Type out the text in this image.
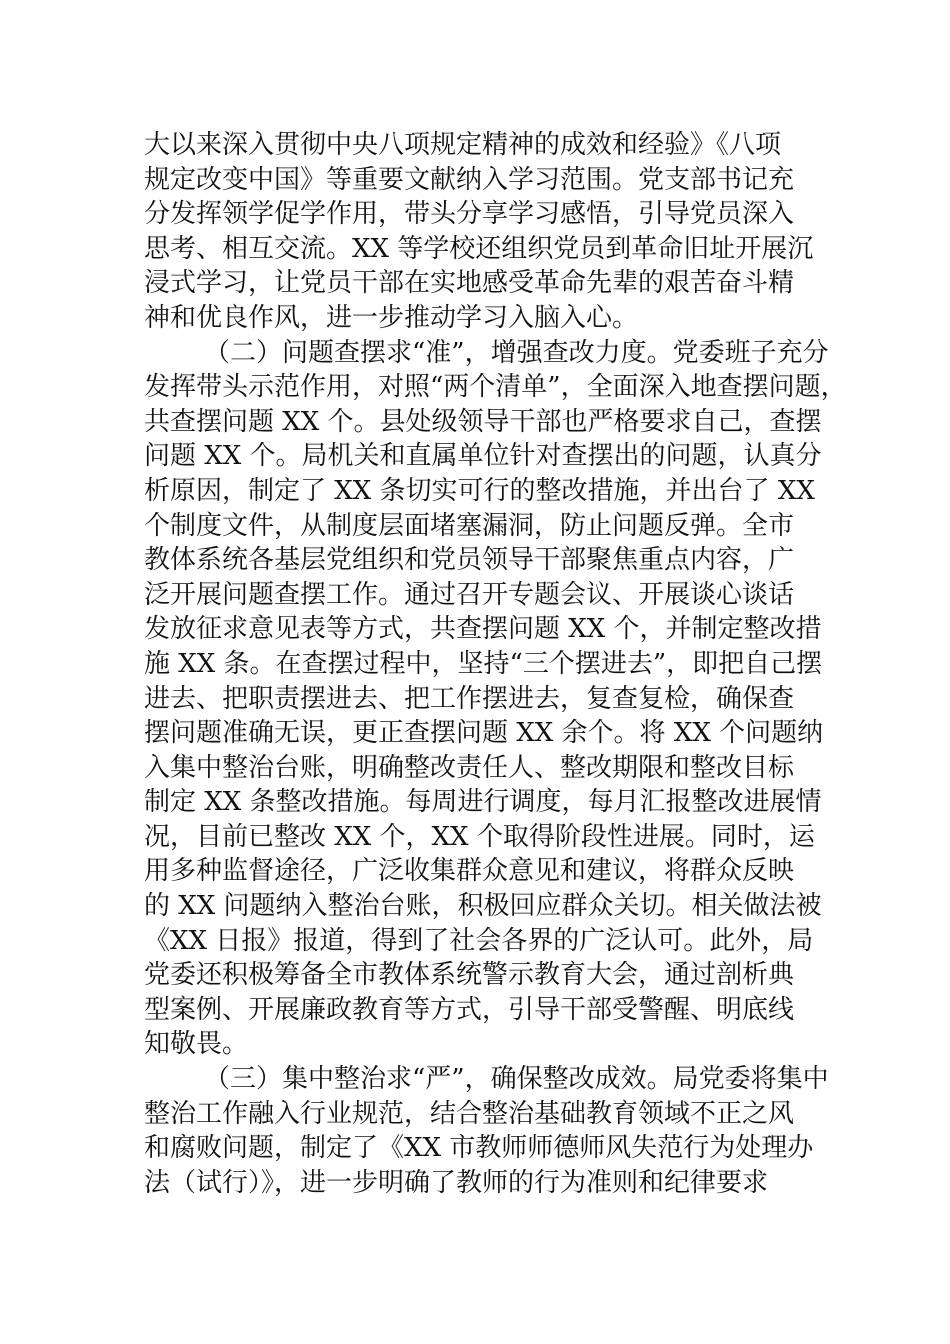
大以来深入贯彻中央八项规定精神的成效和经验》《八项
规定改变中国》等重要文献纳入学习范围。党支部书记充
分发挥领学促学作用，带头分享学习感悟，引导党员深入
思考、相互交流。XX 等学校还组织党员到革命旧址开展沉
浸式学习，让党员干部在实地感受革命先辈的艰苦奋斗精
神和优良作风，进一步推动学习入脑入心。
（二）问题查摆求“准”，增强查改力度。党委班子充分
发挥带头示范作用，对照“两个清单”，全面深入地查摆问题，
共查摆问题 XX 个。县处级领导干部也严格要求自己，查摆
问题 XX 个。局机关和直属单位针对查摆出的问题，认真分
析原因，制定了 XX 条切实可行的整改措施，并出台了 XX
个制度文件，从制度层面堵塞漏洞，防止问题反弹。全市
教体系统各基层党组织和党员领导干部聚焦重点内容，广
泛开展问题查摆工作。通过召开专题会议、开展谈心谈话
发放征求意见表等方式，共查摆问题 XX 个，并制定整改措
施 XX 条。在查摆过程中，坚持“三个摆进去”，即把自己摆
进去、把职责摆进去、把工作摆进去，复查复检，确保查
摆问题准确无误，更正查摆问题 XX 余个。将 XX 个问题纳
入集中整治台账，明确整改责任人、整改期限和整改目标
制定 XX 条整改措施。每周进行调度，每月汇报整改进展情
况，目前已整改 XX 个，XX 个取得阶段性进展。同时，运
用多种监督途径，广泛收集群众意见和建议，将群众反映
的 XX 问题纳入整治台账，积极回应群众关切。相关做法被
《XX 日报》报道，得到了社会各界的广泛认可。此外，局
党委还积极筹备全市教体系统警示教育大会，通过剖析典
型案例、开展廉政教育等方式，引导干部受警醒、明底线
知敬畏。
（三）集中整治求“严”，确保整改成效。局党委将集中
整治工作融入行业规范，结合整治基础教育领域不正之风
和腐败问题，制定了《XX 市教师师德师风失范行为处理办
法（试行）》，进一步明确了教师的行为准则和纪律要求
